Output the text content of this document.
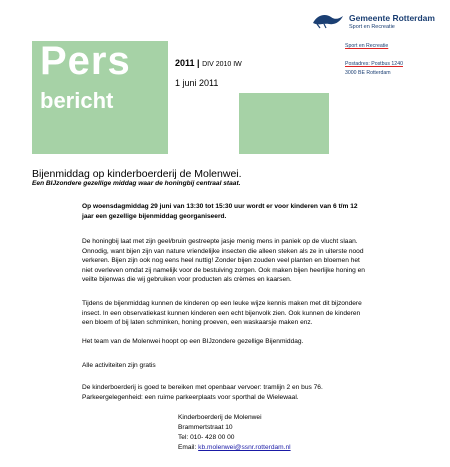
Gemeente Rotterdam
Sport en Recreatie
Sport en Recreatie
Postadres: Postbus 1240
3000 BE Rotterdam
Pers
bericht
2011 | DIV 2010 IW
1 juni 2011
Bijenmiddag op kinderboerderij de Molenwei.
Een BIJzondere gezellige middag waar de honingbij centraal staat.
Op woensdagmiddag 29 juni van 13:30 tot 15:30 uur wordt er voor kinderen van 6 t/m 12
jaar een gezellige bijenmiddag georganiseerd.
De honingbij laat met zijn geel/bruin gestreepte jasje menig mens in paniek op de vlucht slaan.
Onnodig, want bijen zijn van nature vriendelijke insecten die alleen steken als ze in uiterste nood
verkeren. Bijen zijn ook nog eens heel nuttig! Zonder bijen zouden veel planten en bloemen het
niet overleven omdat zij namelijk voor de bestuiving zorgen. Ook maken bijen heerlijke honing en
veilte bijenwas die wij gebruiken voor producten als crèmes en kaarsen.
Tijdens de bijenmiddag kunnen de kinderen op een leuke wijze kennis maken met dit bijzondere
insect. In een observatiekast kunnen kinderen een echt bijenvolk zien. Ook kunnen de kinderen
een bloem of bij laten schminken, honing proeven, een waskaarsje maken enz.
Het team van de Molenwei hoopt op een BIJzondere gezellige Bijenmiddag.
Alle activiteiten zijn gratis
De kinderboerderij is goed te bereiken met openbaar vervoer: tramlijn 2 en bus 76.
Parkeergelegenheid: een ruime parkeerplaats voor sporthal de Wielewaal.
Kinderboerderij de Molenwei
Brammertstraat 10
Tel: 010- 428 00 00
Email: kb.molenwei@ssnr.rotterdam.nl
